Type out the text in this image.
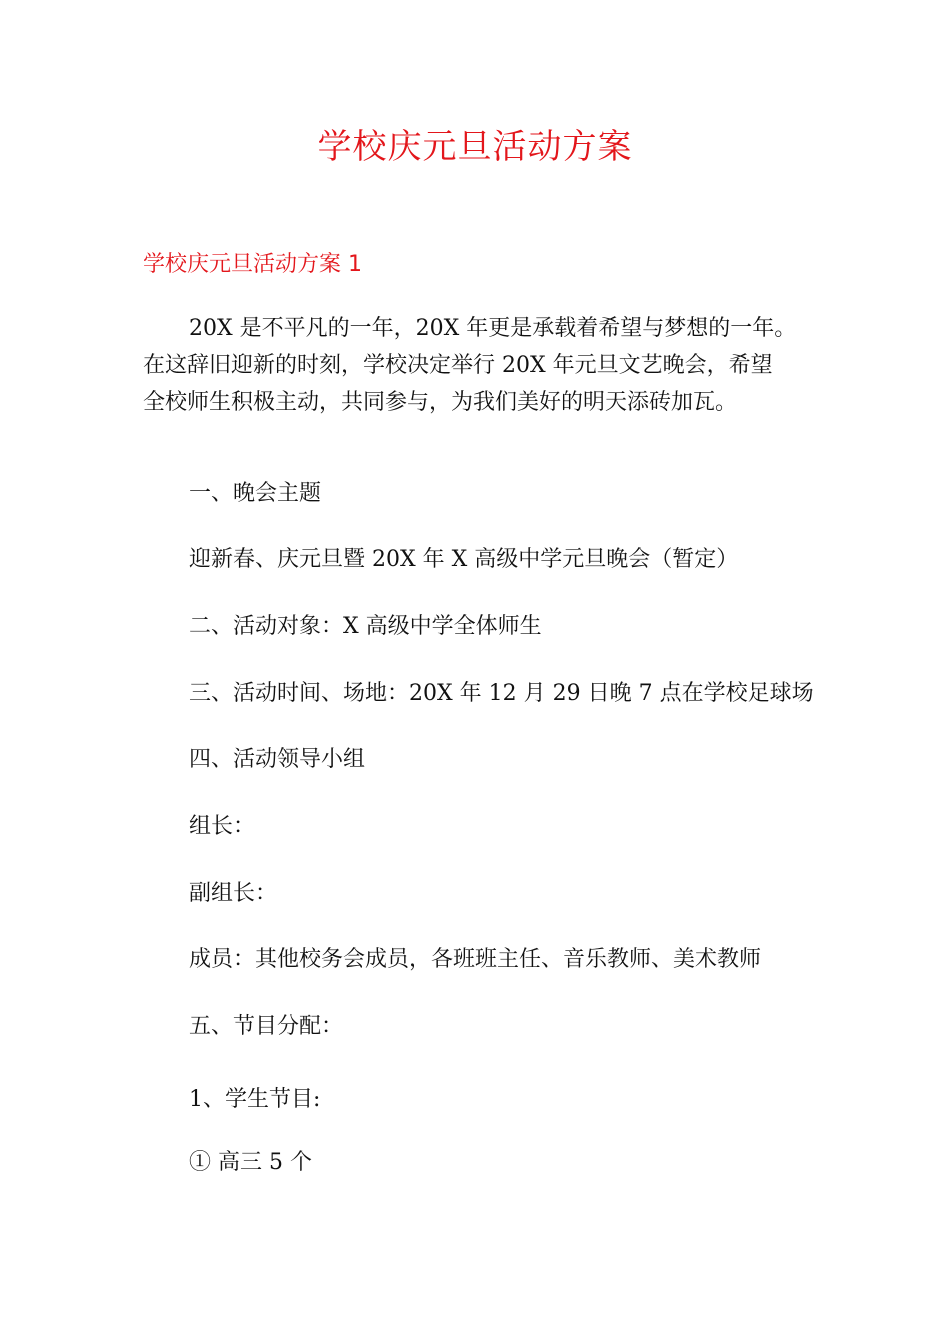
学校庆元旦活动方案
学校庆元旦活动方案 1

20X 是不平凡的一年，20X 年更是承载着希望与梦想的一年。
在这辞旧迎新的时刻，学校决定举行 20X 年元旦文艺晚会，希望
全校师生积极主动，共同参与，为我们美好的明天添砖加瓦。

一、晚会主题

迎新春、庆元旦暨 20X 年 X 高级中学元旦晚会（暂定）

二、活动对象：X 高级中学全体师生

三、活动时间、场地：20X 年 12 月 29 日晚 7 点在学校足球场

四、活动领导小组

组长：

副组长：

成员：其他校务会成员，各班班主任、音乐教师、美术教师

五、节目分配：

1、学生节目:

① 高三 5 个
